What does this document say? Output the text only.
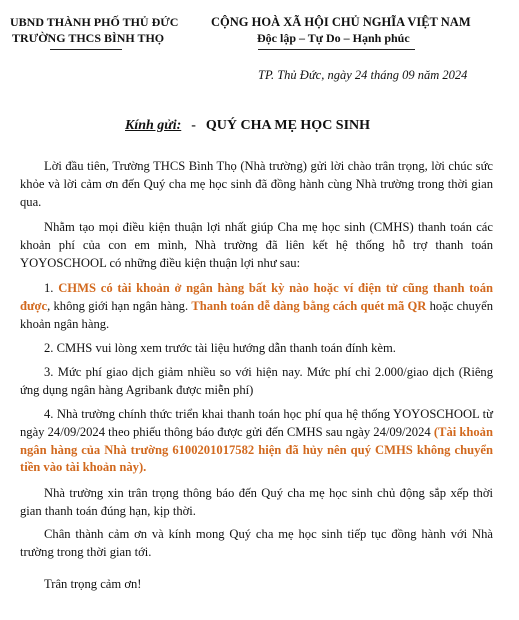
UBND THÀNH PHỐ THỦ ĐỨC
TRƯỜNG THCS BÌNH THỌ
CỘNG HOÀ XÃ HỘI CHỦ NGHĨA VIỆT NAM
Độc lập – Tự Do – Hạnh phúc
TP. Thủ Đức, ngày 24 tháng 09 năm 2024
Kính gửi: - QUÝ CHA MẸ HỌC SINH

Lời đầu tiên, Trường THCS Bình Thọ (Nhà trường) gửi lời chào trân trọng, lời chúc sức khỏe và lời cảm ơn đến Quý cha mẹ học sinh đã đồng hành cùng Nhà trường trong thời gian qua.

Nhằm tạo mọi điều kiện thuận lợi nhất giúp Cha mẹ học sinh (CMHS) thanh toán các khoản phí của con em mình, Nhà trường đã liên kết hệ thống hỗ trợ thanh toán YOYOSCHOOL có những điều kiện thuận lợi như sau:

1. CHMS có tài khoản ở ngân hàng bất kỳ nào hoặc ví điện tử cũng thanh toán được, không giới hạn ngân hàng. Thanh toán dễ dàng bằng cách quét mã QR hoặc chuyển khoản ngân hàng.

2. CMHS vui lòng xem trước tài liệu hướng dẫn thanh toán đính kèm.

3. Mức phí giao dịch giảm nhiều so với hiện nay. Mức phí chỉ 2.000/giao dịch (Riêng ứng dụng ngân hàng Agribank được miễn phí)

4. Nhà trường chính thức triển khai thanh toán học phí qua hệ thống YOYOSCHOOL từ ngày 24/09/2024 theo phiếu thông báo được gửi đến CMHS sau ngày 24/09/2024 (Tài khoản ngân hàng của Nhà trường 6100201017582 hiện đã hủy nên quý CMHS không chuyển tiền vào tài khoản này).

Nhà trường xin trân trọng thông báo đến Quý cha mẹ học sinh chủ động sắp xếp thời gian thanh toán đúng hạn, kịp thời.

Chân thành cảm ơn và kính mong Quý cha mẹ học sinh tiếp tục đồng hành với Nhà trường trong thời gian tới.

Trân trọng cảm ơn!
